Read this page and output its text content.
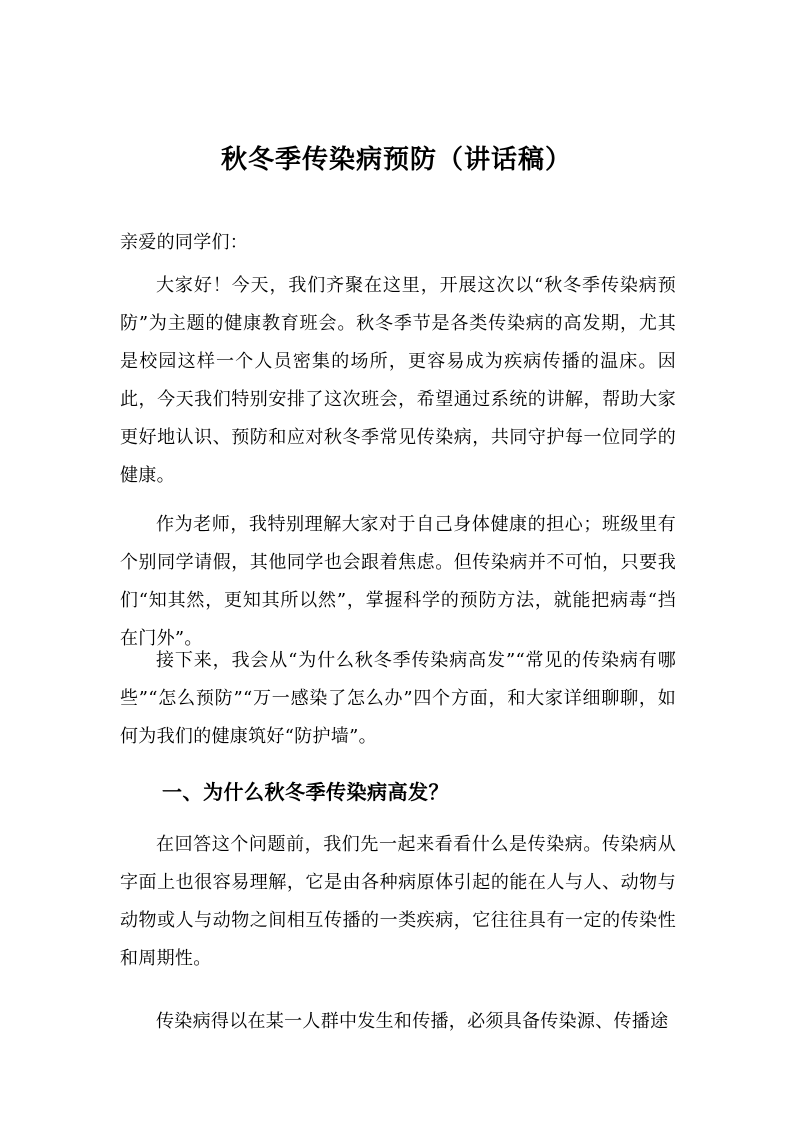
秋冬季传染病预防（讲话稿）
亲爱的同学们：
大家好！今天，我们齐聚在这里，开展这次以“秋冬季传染病预防”为主题的健康教育班会。秋冬季节是各类传染病的高发期，尤其是校园这样一个人员密集的场所，更容易成为疾病传播的温床。因此，今天我们特别安排了这次班会，希望通过系统的讲解，帮助大家更好地认识、预防和应对秋冬季常见传染病，共同守护每一位同学的健康。
作为老师，我特别理解大家对于自己身体健康的担心；班级里有个别同学请假，其他同学也会跟着焦虑。但传染病并不可怕，只要我们“知其然，更知其所以然”，掌握科学的预防方法，就能把病毒“挡在门外”。
接下来，我会从“为什么秋冬季传染病高发”“常见的传染病有哪些”“怎么预防”“万一感染了怎么办”四个方面，和大家详细聊聊，如何为我们的健康筑好“防护墙”。
一、为什么秋冬季传染病高发？
在回答这个问题前，我们先一起来看看什么是传染病。传染病从字面上也很容易理解，它是由各种病原体引起的能在人与人、动物与动物或人与动物之间相互传播的一类疾病，它往往具有一定的传染性和周期性。
传染病得以在某一人群中发生和传播，必须具备传染源、传播途
